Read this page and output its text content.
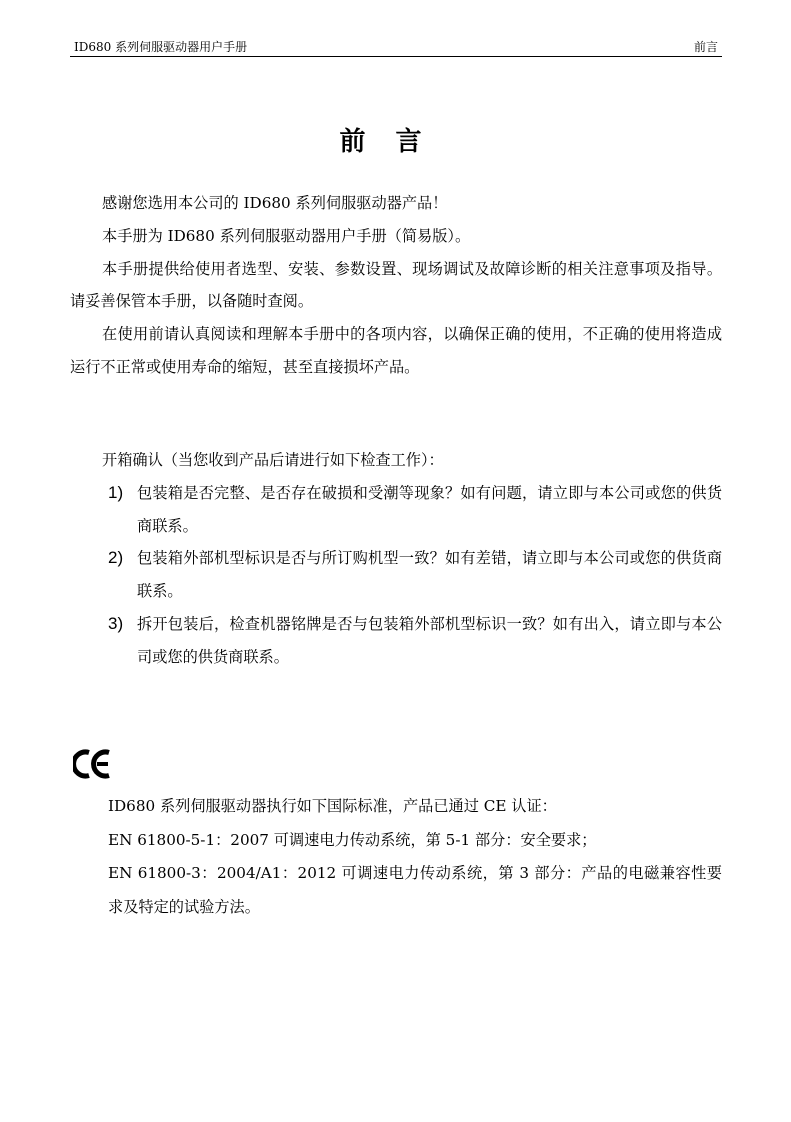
ID680 系列伺服驱动器用户手册	前言
前言

感谢您选用本公司的 ID680 系列伺服驱动器产品！

本手册为 ID680 系列伺服驱动器用户手册（简易版）。

本手册提供给使用者选型、安装、参数设置、现场调试及故障诊断的相关注意事项及指导。请妥善保管本手册，以备随时查阅。

在使用前请认真阅读和理解本手册中的各项内容，以确保正确的使用，不正确的使用将造成运行不正常或使用寿命的缩短，甚至直接损坏产品。

开箱确认（当您收到产品后请进行如下检查工作）：

1) 包装箱是否完整、是否存在破损和受潮等现象？如有问题，请立即与本公司或您的供货商联系。
2) 包装箱外部机型标识是否与所订购机型一致？如有差错，请立即与本公司或您的供货商联系。
3) 拆开包装后，检查机器铭牌是否与包装箱外部机型标识一致？如有出入，请立即与本公司或您的供货商联系。

ID680 系列伺服驱动器执行如下国际标准，产品已通过 CE 认证：

EN 61800-5-1：2007 可调速电力传动系统，第 5-1 部分：安全要求；

EN 61800-3：2004/A1：2012 可调速电力传动系统，第 3 部分：产品的电磁兼容性要求及特定的试验方法。
